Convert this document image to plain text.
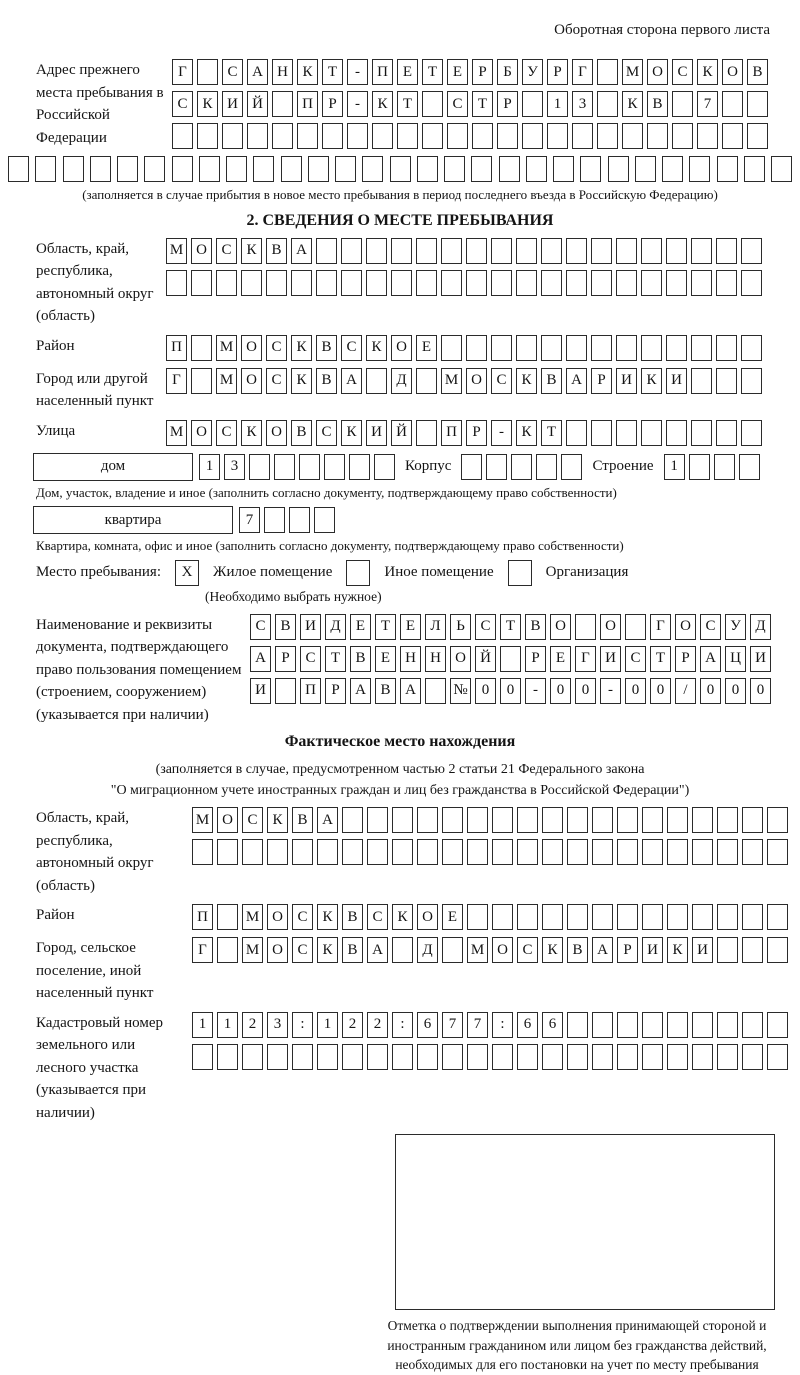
Оборотная сторона первого листа
Адрес прежнего места пребывания в Российской Федерации
Г	С А Н К	Т	-	П Е	Т	Е	Р	Б	У	Р	Г	М О С К О В
С К И Й	П	Р	-	К	Т	С	Т	Р	1	3	К В	7
(заполняется в случае прибытия в новое место пребывания в период последнего въезда в Российскую Федерацию)
2. СВЕДЕНИЯ О МЕСТЕ ПРЕБЫВАНИЯ
Область, край, республика, автономный округ (область)
М О С К В А
Район	П	М О С К В С К О Е
Город или другой населенный пункт
Г	М О С К В А	Д	М О С К В А	Р	И К И
Улица	М О С К О В С К И Й	П	Р	-	К	Т
дом	1	3	Корпус	Строение	1
Дом, участок, владение и иное (заполнить согласно документу, подтверждающему право собственности)
квартира	7
Квартира, комната, офис и иное (заполнить согласно документу, подтверждающему право собственности)
Место пребывания:	X	Жилое помещение	Иное помещение	Организация
(Необходимо выбрать нужное)
Наименование и реквизиты документа, подтверждающего право пользования помещением (строением, сооружением) (указывается при наличии)
С В И Д	Е	Т	Е	Л	Ь	С	Т	В О	О	Г	О С У Д
А	Р	С	Т	В	Е	Н Н О Й	Р	Е	Г	И С	Т	Р	А Ц И
И	П	Р	А В А	№ 0	0	-	0	0	-	0	0	/	0	0	0
Фактическое место нахождения
(заполняется в случае, предусмотренном частью 2 статьи 21 Федерального закона
"О миграционном учете иностранных граждан и лиц без гражданства в Российской Федерации")
Область, край, республика, автономный округ (область)
М О С К В А
Район	П	М О С К В С К О Е
Город, сельское поселение, иной населенный пункт
Г	М О С К В А	Д	М О С К В А	Р	И К И
Кадастровый номер земельного или лесного участка (указывается при наличии)
1	1	2	3	:	1	2	2	:	6	7	7	:	6	6
Отметка о подтверждении выполнения принимающей стороной и иностранным гражданином или лицом без гражданства действий, необходимых для его постановки на учет по месту пребывания
